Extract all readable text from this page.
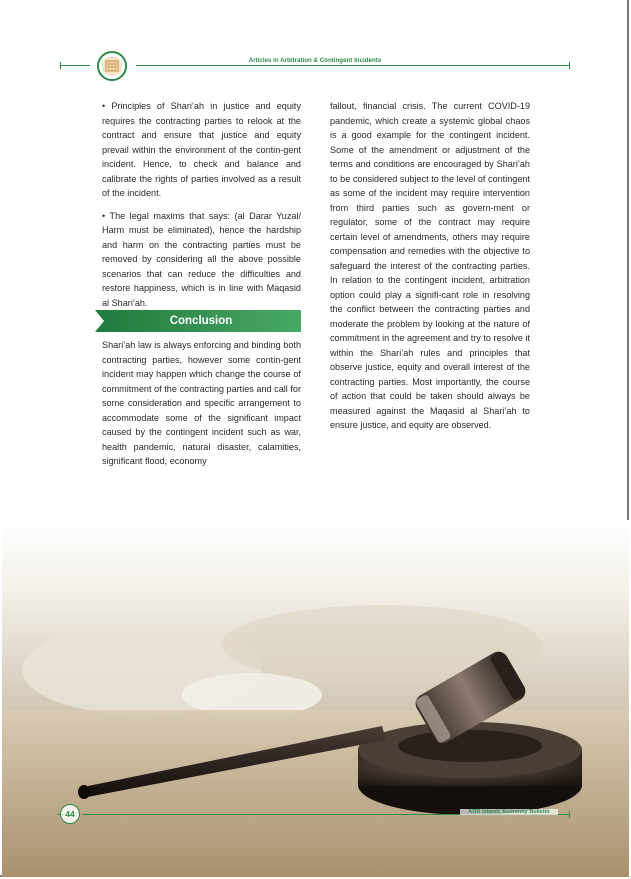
Articles in Arbitration & Contingent Incidents

• Principles of Shari’ah in justice and equity requires the contracting parties to relook at the contract and ensure that justice and equity prevail within the environment of the contin-gent incident. Hence, to check and balance and calibrate the rights of parties involved as a result of the incident.

• The legal maxims that says: (al Darar Yuzal/ Harm must be eliminated), hence the hardship and harm on the contracting parties must be removed by considering all the above possible scenarios that can reduce the difficulties and restore happiness, which is in line with Maqasid al Shari’ah.

Conclusion

Shari’ah law is always enforcing and binding both contracting parties, however some contin-gent incident may happen which change the course of commitment of the contracting parties and call for some consideration and specific arrangement to accommodate some of the significant impact caused by the contingent incident such as war, health pandemic, natural disaster, calamities, significant flood, economy

fallout, financial crisis. The current COVID-19 pandemic, which create a systemic global chaos is a good example for the contingent incident. Some of the amendment or adjustment of the terms and conditions are encouraged by Shari’ah to be considered subject to the level of contingent as some of the incident may require intervention from third parties such as govern-ment or regulator, some of the contract may require certain level of amendments, others may require compensation and remedies with the objective to safeguard the interest of the contracting parties. In relation to the contingent incident, arbitration option could play a signifi-cant role in resolving the conflict between the contracting parties and moderate the problem by looking at the nature of commitment in the agreement and try to resolve it within the Shari’ah rules and principles that observe justice, equity and overall interest of the contracting parties. Most importantly, the course of action that could be taken should always be measured against the Maqasid al Shari’ah to ensure justice, and equity are observed.

44	ADR Islamic Economy Bulletin
